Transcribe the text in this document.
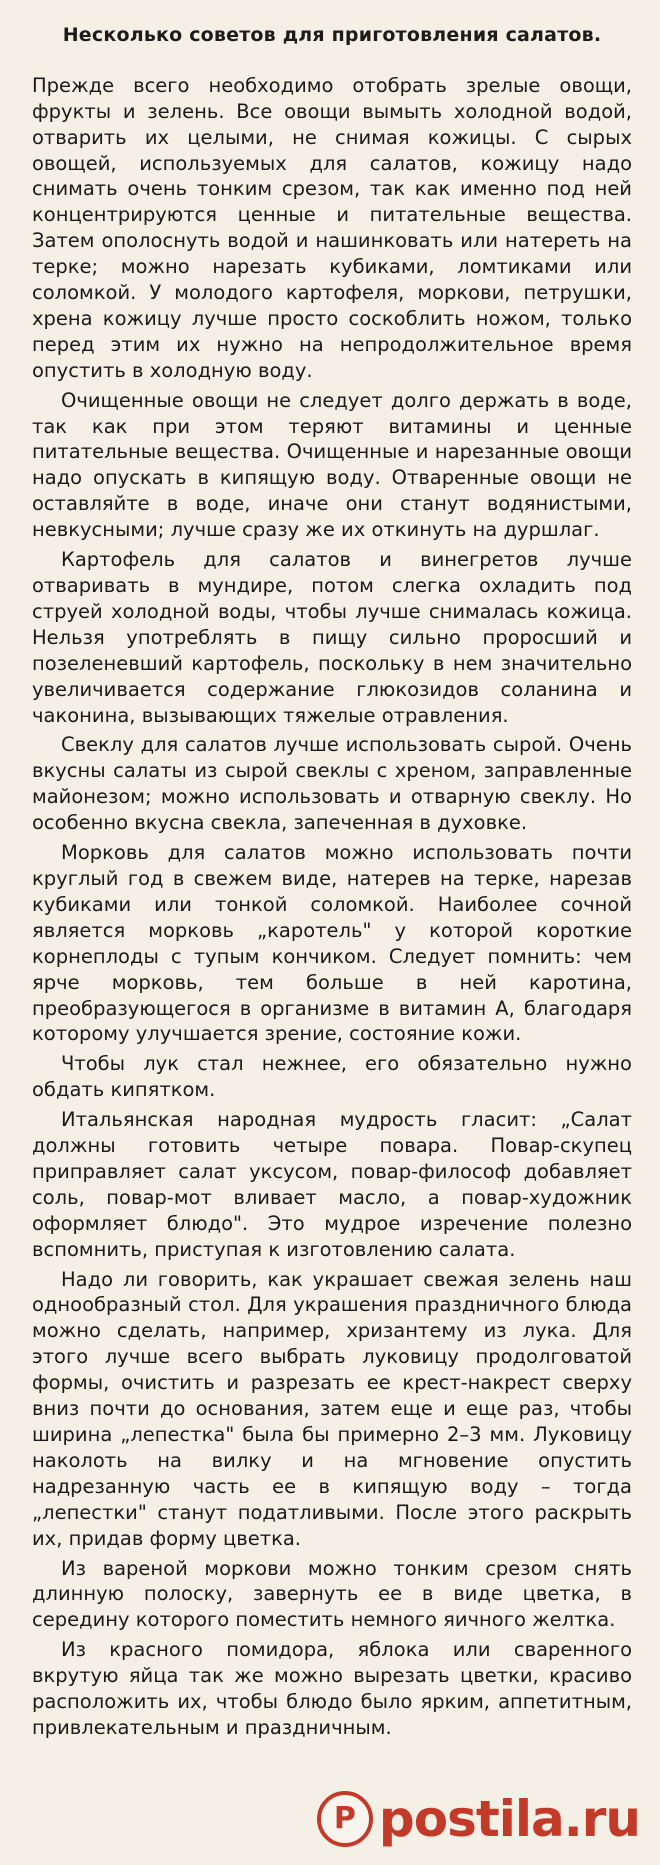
Несколько советов для приготовления салатов.

Прежде всего необходимо отобрать зрелые овощи, фрукты и зелень. Все овощи вымыть холодной водой, отварить их целыми, не снимая кожицы. С сырых овощей, используемых для салатов, кожицу надо снимать очень тонким срезом, так как именно под ней концентрируются ценные и питательные вещества. Затем ополоснуть водой и нашинковать или натереть на терке; можно нарезать кубиками, ломтиками или соломкой. У молодого картофеля, моркови, петрушки, хрена кожицу лучше просто соскоблить ножом, только перед этим их нужно на непродолжительное время опустить в холодную воду.

Очищенные овощи не следует долго держать в воде, так как при этом теряют витамины и ценные питательные вещества. Очищенные и нарезанные овощи надо опускать в кипящую воду. Отваренные овощи не оставляйте в воде, иначе они станут водянистыми, невкусными; лучше сразу же их откинуть на дуршлаг.

Картофель для салатов и винегретов лучше отваривать в мундире, потом слегка охладить под струей холодной воды, чтобы лучше снималась кожица. Нельзя употреблять в пищу сильно проросший и позеленевший картофель, поскольку в нем значительно увеличивается содержание глюкозидов соланина и чаконина, вызывающих тяжелые отравления.

Свеклу для салатов лучше использовать сырой. Очень вкусны салаты из сырой свеклы с хреном, заправленные майонезом; можно использовать и отварную свеклу. Но особенно вкусна свекла, запеченная в духовке.

Морковь для салатов можно использовать почти круглый год в свежем виде, натерев на терке, нарезав кубиками или тонкой соломкой. Наиболее сочной является морковь „каротель" у которой короткие корнеплоды с тупым кончиком. Следует помнить: чем ярче морковь, тем больше в ней каротина, преобразующегося в организме в витамин А, благодаря которому улучшается зрение, состояние кожи.

Чтобы лук стал нежнее, его обязательно нужно обдать кипятком.

Итальянская народная мудрость гласит: „Салат должны готовить четыре повара. Повар-скупец приправляет салат уксусом, повар-философ добавляет соль, повар-мот вливает масло, а повар-художник оформляет блюдо". Это мудрое изречение полезно вспомнить, приступая к изготовлению салата.

Надо ли говорить, как украшает свежая зелень наш однообразный стол. Для украшения праздничного блюда можно сделать, например, хризантему из лука. Для этого лучше всего выбрать луковицу продолговатой формы, очистить и разрезать ее крест-накрест сверху вниз почти до основания, затем еще и еще раз, чтобы ширина „лепестка" была бы примерно 2–3 мм. Луковицу наколоть на вилку и на мгновение опустить надрезанную часть ее в кипящую воду – тогда „лепестки" станут податливыми. После этого раскрыть их, придав форму цветка.

Из вареной моркови можно тонким срезом снять длинную полоску, завернуть ее в виде цветка, в середину которого поместить немного яичного желтка.

Из красного помидора, яблока или сваренного вкрутую яйца так же можно вырезать цветки, красиво расположить их, чтобы блюдо было ярким, аппетитным, привлекательным и праздничным.

P postila.ru
